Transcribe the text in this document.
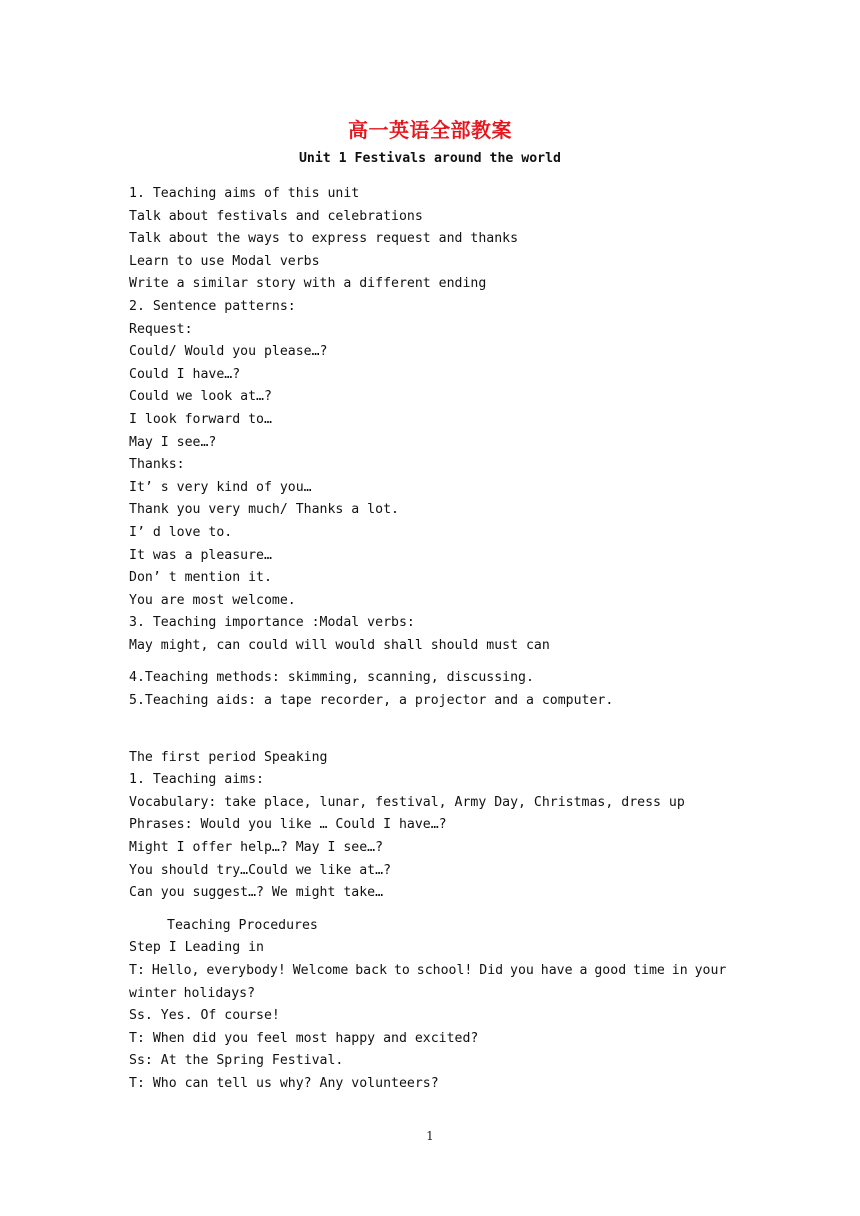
高一英语全部教案
Unit 1 Festivals around the world
1. Teaching aims of this unit
Talk about festivals and celebrations
Talk about the ways to express request and thanks
Learn to use Modal verbs
Write a similar story with a different ending
2. Sentence patterns:
Request:
Could/ Would you please…?
Could I have…?
Could we look at…?
I look forward to…
May I see…?
Thanks:
It’ s very kind of you…
Thank you very much/ Thanks a lot.
I’ d love to.
It was a pleasure…
Don’ t mention it.
You are most welcome.
3. Teaching importance :Modal verbs:
May might, can could will would shall should must can
4.Teaching methods: skimming, scanning, discussing.
5.Teaching aids: a tape recorder, a projector and a computer.
The first period Speaking
1. Teaching aims:
Vocabulary: take place, lunar, festival, Army Day, Christmas, dress up
Phrases: Would you like … Could I have…?
Might I offer help…? May I see…?
You should try…Could we like at…?
Can you suggest…? We might take…
Teaching Procedures
Step I Leading in
T: Hello, everybody! Welcome back to school! Did you have a good time in your winter holidays?
Ss. Yes. Of course!
T: When did you feel most happy and excited?
Ss: At the Spring Festival.
T: Who can tell us why? Any volunteers?
1
